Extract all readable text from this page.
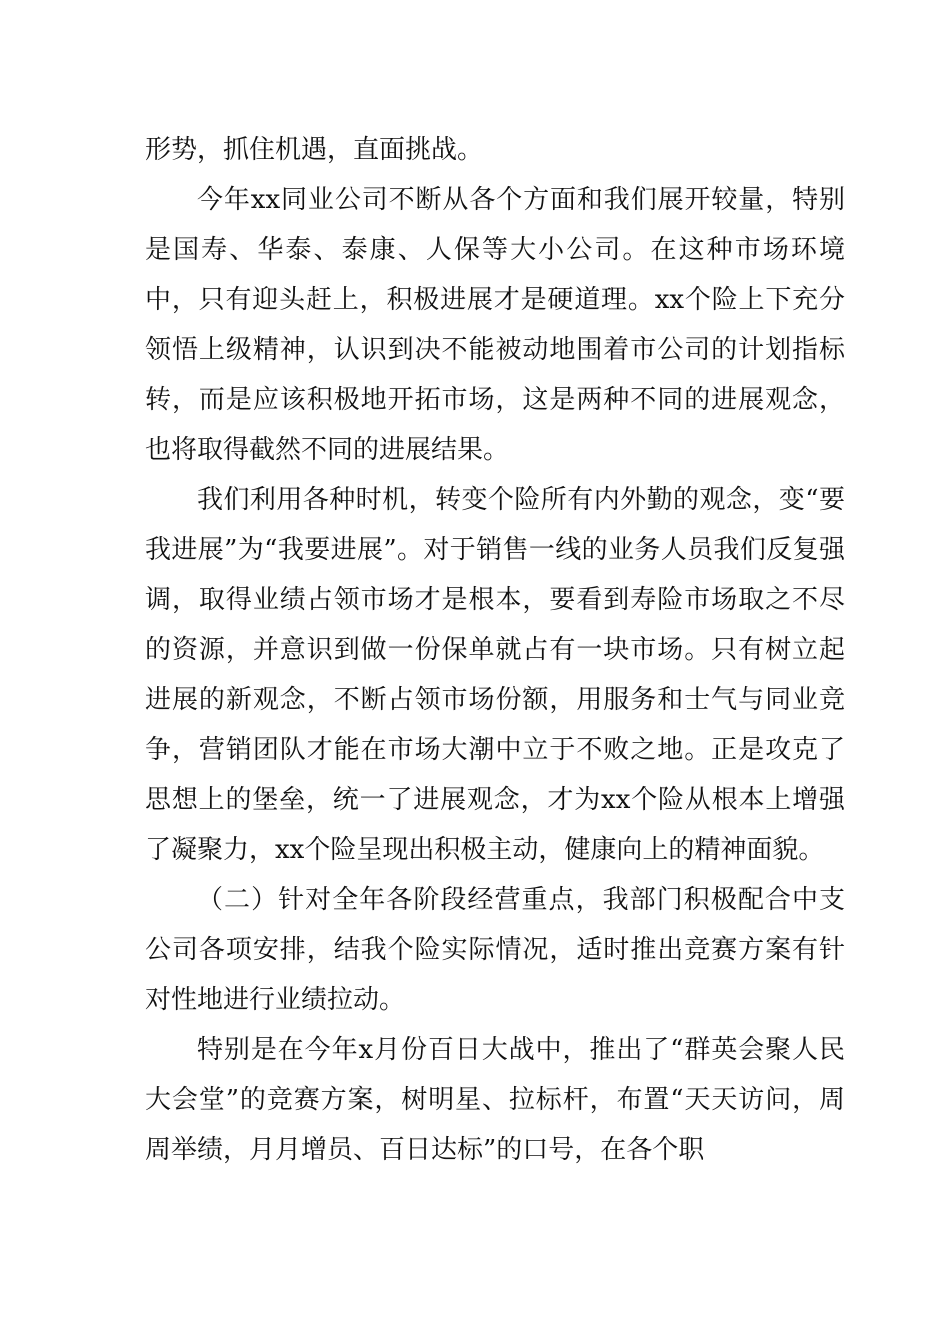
形势，抓住机遇，直面挑战。

今年xx同业公司不断从各个方面和我们展开较量，特别是国寿、华泰、泰康、人保等大小公司。在这种市场环境中，只有迎头赶上，积极进展才是硬道理。xx个险上下充分领悟上级精神，认识到决不能被动地围着市公司的计划指标转，而是应该积极地开拓市场，这是两种不同的进展观念，也将取得截然不同的进展结果。

我们利用各种时机，转变个险所有内外勤的观念，变“要我进展”为“我要进展”。对于销售一线的业务人员我们反复强调，取得业绩占领市场才是根本，要看到寿险市场取之不尽的资源，并意识到做一份保单就占有一块市场。只有树立起进展的新观念，不断占领市场份额，用服务和士气与同业竞争，营销团队才能在市场大潮中立于不败之地。正是攻克了思想上的堡垒，统一了进展观念，才为xx个险从根本上增强了凝聚力，xx个险呈现出积极主动，健康向上的精神面貌。

（二）针对全年各阶段经营重点，我部门积极配合中支公司各项安排，结我个险实际情况，适时推出竞赛方案有针对性地进行业绩拉动。

特别是在今年x月份百日大战中，推出了“群英会聚人民大会堂”的竞赛方案，树明星、拉标杆，布置“天天访问，周周举绩，月月增员、百日达标”的口号，在各个职
